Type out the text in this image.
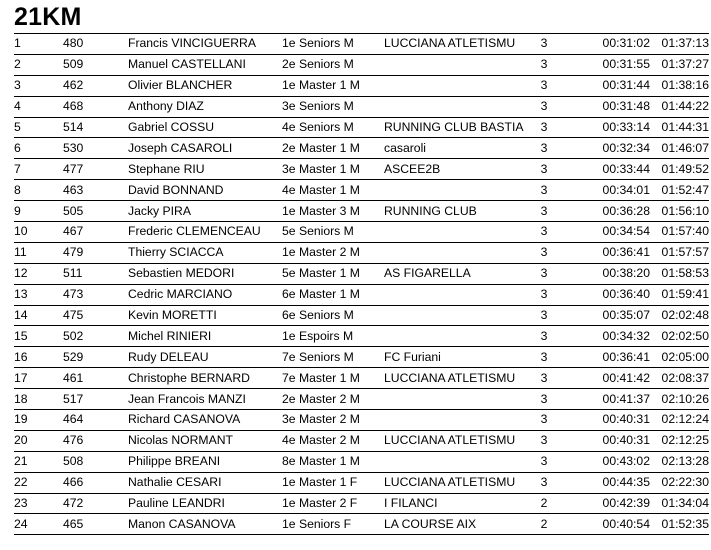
21KM
1	480	Francis VINCIGUERRA	1e Seniors M	LUCCIANA ATLETISMU	3	00:31:02	01:37:13
2	509	Manuel CASTELLANI	2e Seniors M		3	00:31:55	01:37:27
3	462	Olivier BLANCHER	1e Master 1 M		3	00:31:44	01:38:16
4	468	Anthony DIAZ	3e Seniors M		3	00:31:48	01:44:22
5	514	Gabriel COSSU	4e Seniors M	RUNNING CLUB BASTIA	3	00:33:14	01:44:31
6	530	Joseph CASAROLI	2e Master 1 M	casaroli	3	00:32:34	01:46:07
7	477	Stephane RIU	3e Master 1 M	ASCEE2B	3	00:33:44	01:49:52
8	463	David BONNAND	4e Master 1 M		3	00:34:01	01:52:47
9	505	Jacky PIRA	1e Master 3 M	RUNNING CLUB	3	00:36:28	01:56:10
10	467	Frederic CLEMENCEAU	5e Seniors M		3	00:34:54	01:57:40
11	479	Thierry SCIACCA	1e Master 2 M		3	00:36:41	01:57:57
12	511	Sebastien MEDORI	5e Master 1 M	AS FIGARELLA	3	00:38:20	01:58:53
13	473	Cedric MARCIANO	6e Master 1 M		3	00:36:40	01:59:41
14	475	Kevin MORETTI	6e Seniors M		3	00:35:07	02:02:48
15	502	Michel RINIERI	1e Espoirs M		3	00:34:32	02:02:50
16	529	Rudy DELEAU	7e Seniors M	FC Furiani	3	00:36:41	02:05:00
17	461	Christophe BERNARD	7e Master 1 M	LUCCIANA ATLETISMU	3	00:41:42	02:08:37
18	517	Jean Francois MANZI	2e Master 2 M		3	00:41:37	02:10:26
19	464	Richard CASANOVA	3e Master 2 M		3	00:40:31	02:12:24
20	476	Nicolas NORMANT	4e Master 2 M	LUCCIANA ATLETISMU	3	00:40:31	02:12:25
21	508	Philippe BREANI	8e Master 1 M		3	00:43:02	02:13:28
22	466	Nathalie CESARI	1e Master 1 F	LUCCIANA ATLETISMU	3	00:44:35	02:22:30
23	472	Pauline LEANDRI	1e Master 2 F	I FILANCI	2	00:42:39	01:34:04
24	465	Manon CASANOVA	1e Seniors F	LA COURSE AIX	2	00:40:54	01:52:35
